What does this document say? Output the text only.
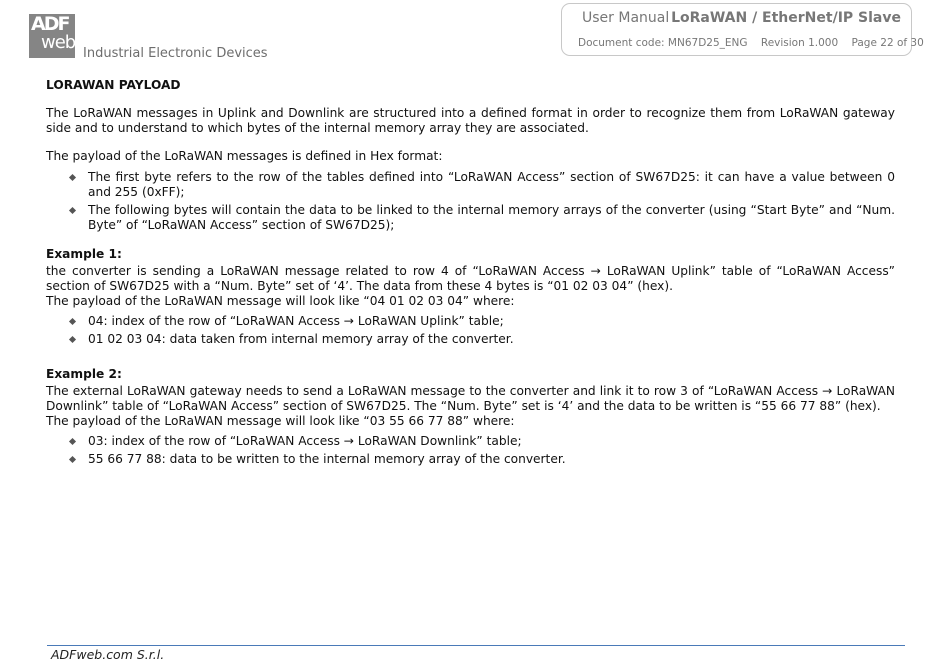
ADF
web
Industrial Electronic Devices
User Manual LoRaWAN / EtherNet/IP Slave
Document code: MN67D25_ENG Revision 1.000 Page 22 of 30

LORAWAN PAYLOAD

The LoRaWAN messages in Uplink and Downlink are structured into a defined format in order to recognize them from LoRaWAN gateway side and to understand to which bytes of the internal memory array they are associated.

The payload of the LoRaWAN messages is defined in Hex format:

The first byte refers to the row of the tables defined into “LoRaWAN Access” section of SW67D25: it can have a value between 0 and 255 (0xFF);
The following bytes will contain the data to be linked to the internal memory arrays of the converter (using “Start Byte” and “Num. Byte” of “LoRaWAN Access” section of SW67D25);

Example 1:

the converter is sending a LoRaWAN message related to row 4 of “LoRaWAN Access → LoRaWAN Uplink” table of “LoRaWAN Access” section of SW67D25 with a “Num. Byte” set of ‘4’. The data from these 4 bytes is “01 02 03 04” (hex).

The payload of the LoRaWAN message will look like “04 01 02 03 04” where:

04: index of the row of “LoRaWAN Access → LoRaWAN Uplink” table;
01 02 03 04: data taken from internal memory array of the converter.

Example 2:

The external LoRaWAN gateway needs to send a LoRaWAN message to the converter and link it to row 3 of “LoRaWAN Access → LoRaWAN Downlink” table of “LoRaWAN Access” section of SW67D25. The “Num. Byte” set is ‘4’ and the data to be written is “55 66 77 88” (hex).

The payload of the LoRaWAN message will look like “03 55 66 77 88” where:

03: index of the row of “LoRaWAN Access → LoRaWAN Downlink” table;
55 66 77 88: data to be written to the internal memory array of the converter.
ADFweb.com S.r.l.
